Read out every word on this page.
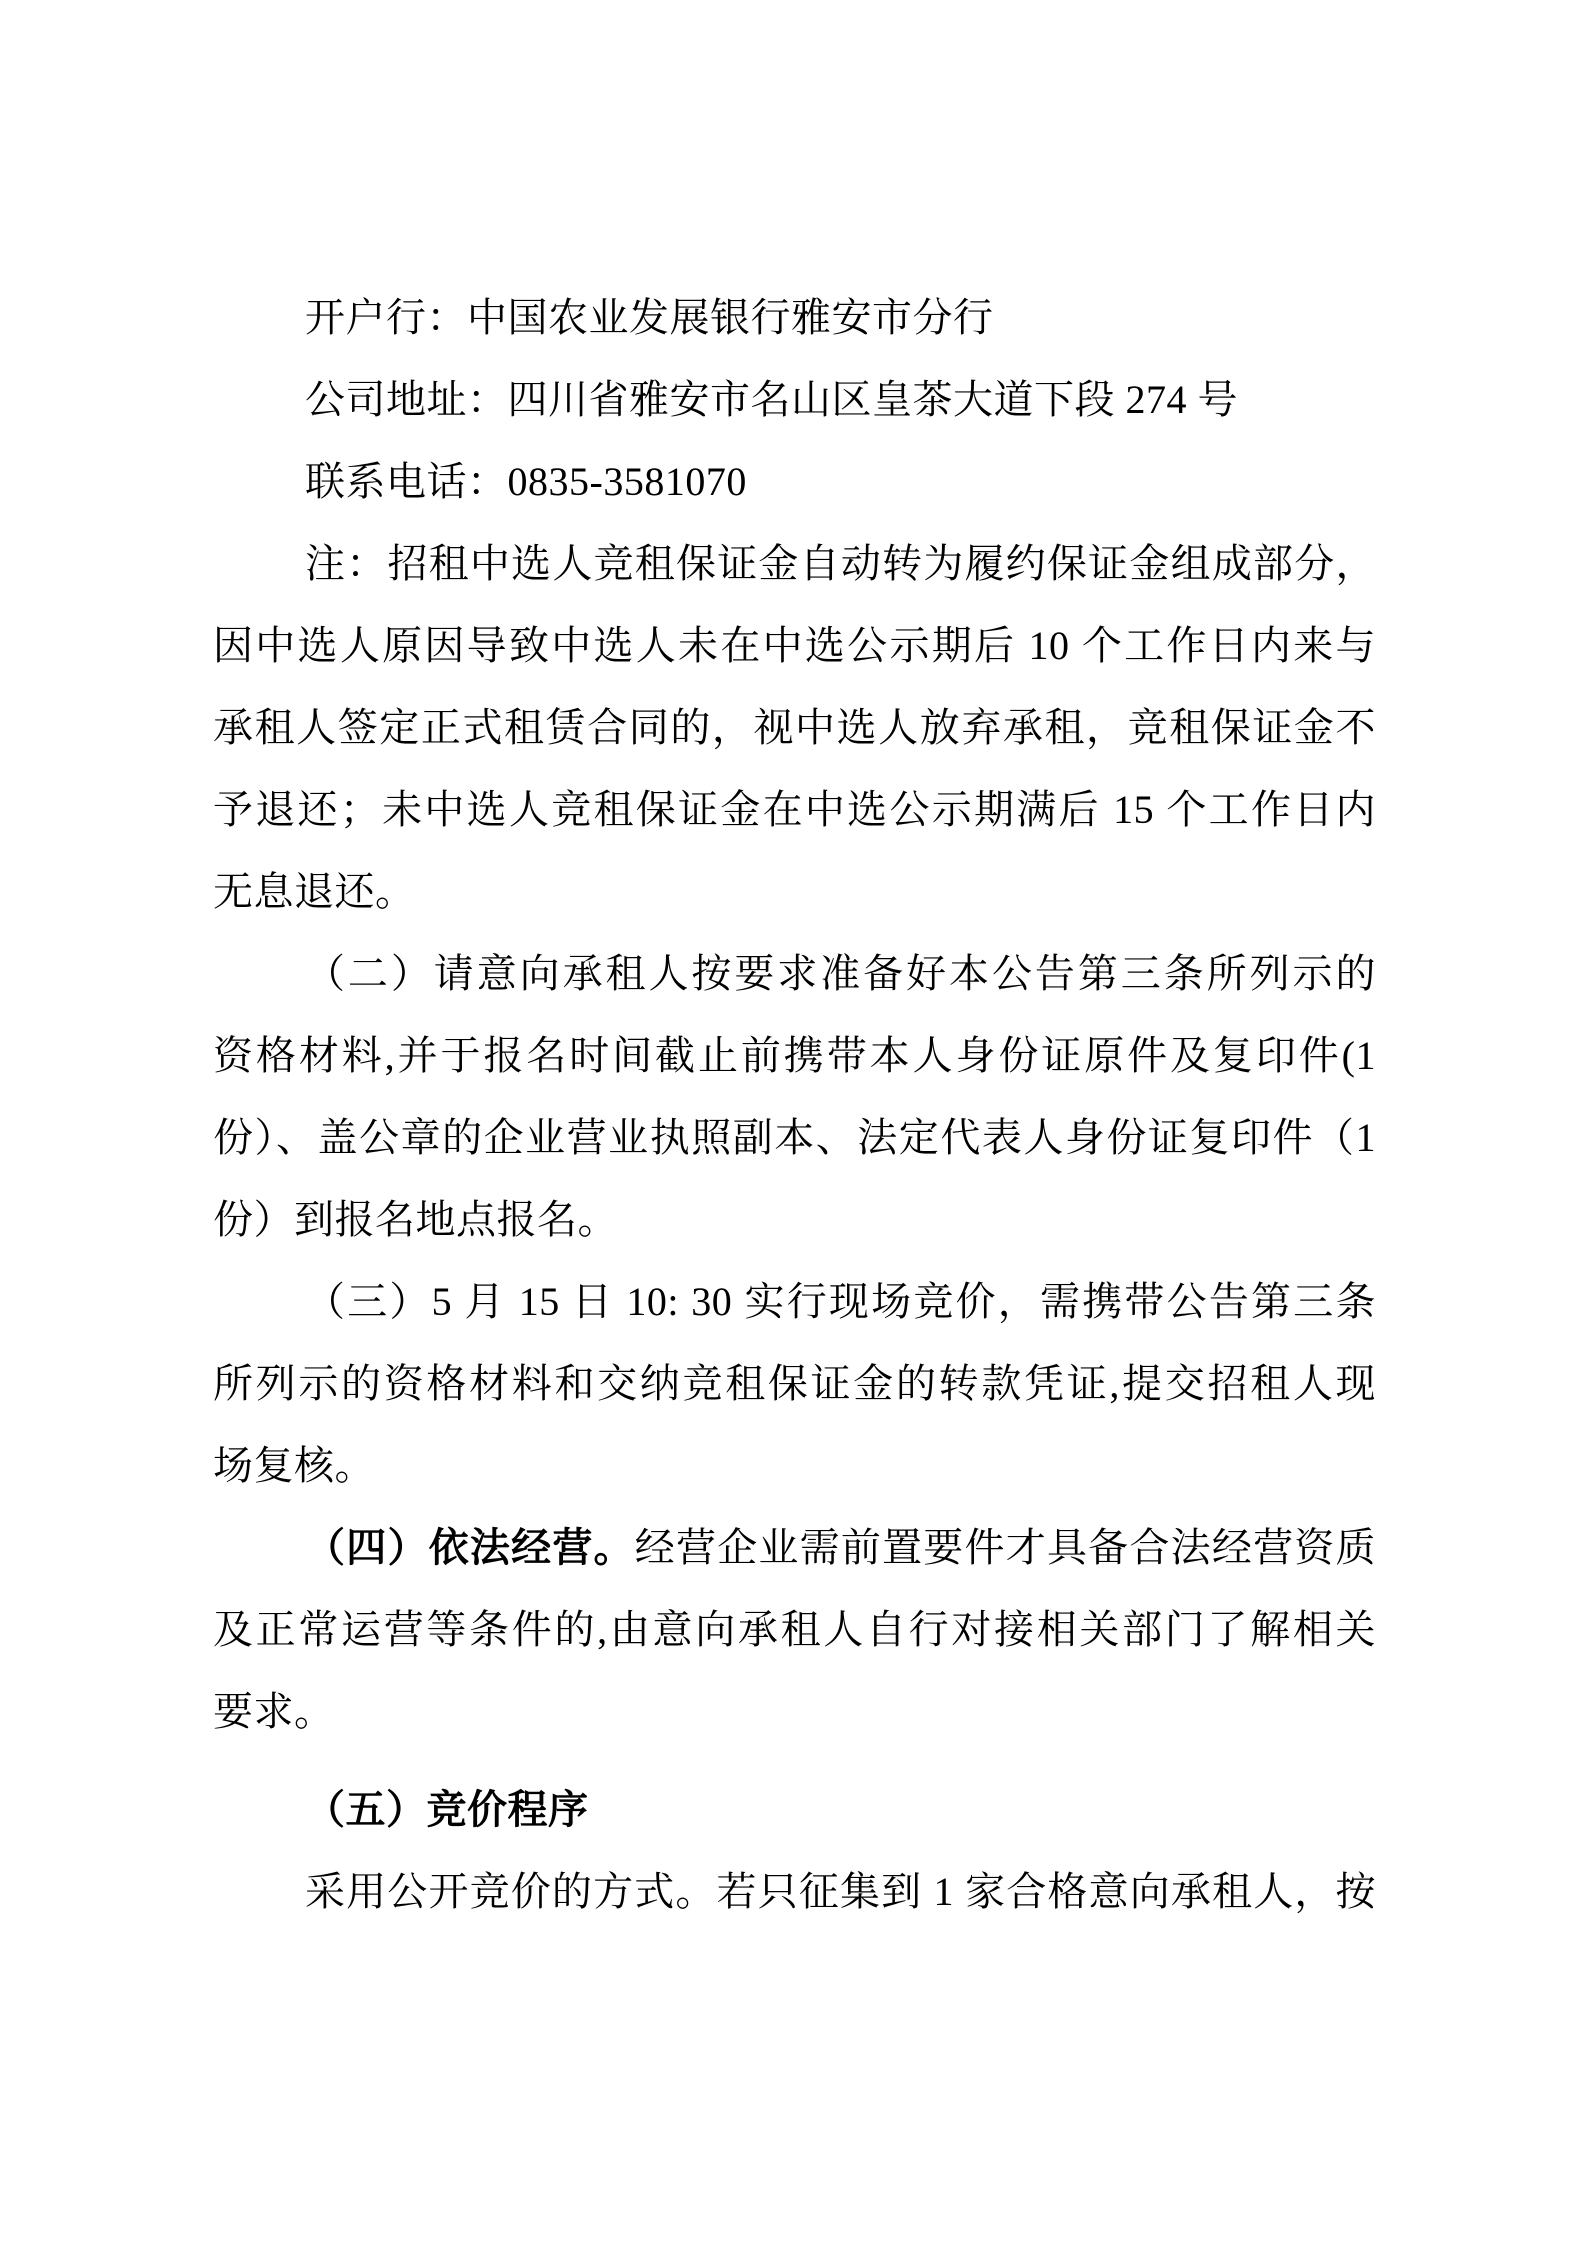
开户行：中国农业发展银行雅安市分行
公司地址：四川省雅安市名山区皇茶大道下段 274 号
联系电话：0835-3581070
注：招租中选人竞租保证金自动转为履约保证金组成部分，
因中选人原因导致中选人未在中选公示期后 10 个工作日内来与
承租人签定正式租赁合同的，视中选人放弃承租，竞租保证金不
予退还；未中选人竞租保证金在中选公示期满后 15 个工作日内
无息退还。
（二）请意向承租人按要求准备好本公告第三条所列示的
资格材料,并于报名时间截止前携带本人身份证原件及复印件(1
份）、盖公章的企业营业执照副本、法定代表人身份证复印件（1
份）到报名地点报名。
（三）5 月 15 日 10: 30 实行现场竞价，需携带公告第三条
所列示的资格材料和交纳竞租保证金的转款凭证,提交招租人现
场复核。
（四）依法经营。经营企业需前置要件才具备合法经营资质
及正常运营等条件的,由意向承租人自行对接相关部门了解相关
要求。
（五）竞价程序
采用公开竞价的方式。若只征集到 1 家合格意向承租人，按
